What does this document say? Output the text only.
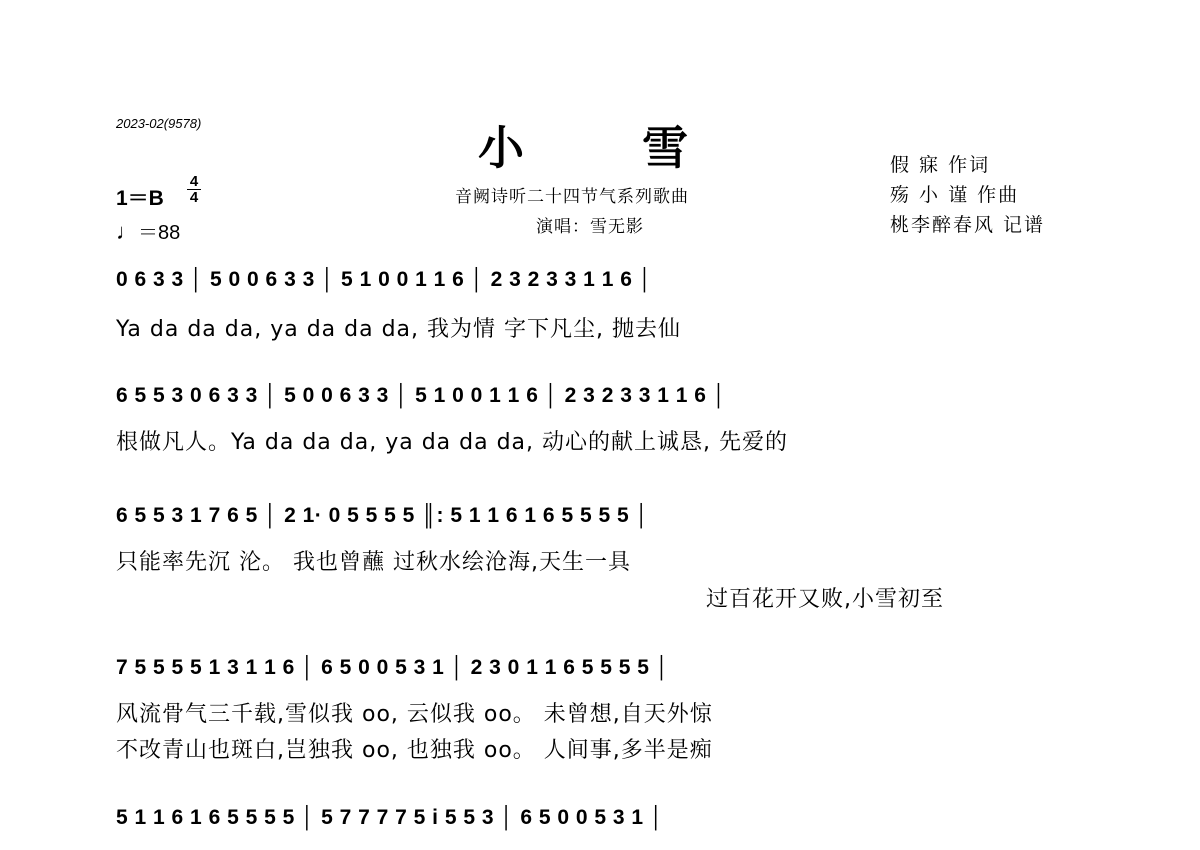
2023-02(9578)	小雪
音阙诗听二十四节气系列歌曲
演唱：雪无影
假 寐 作词
殇 小 谨 作曲
桃李醉春风 记谱
1＝B
4
4
♩＝88
0 6 3 3 │ 5 0 0 6 3 3 │ 5 1 0 0 1 1 6 │ 2 3 2 3 3 1 1 6 │
Ya da da da, ya da da da, 我为情 字下凡尘, 抛去仙
6 5 5 3 0 6 3 3 │ 5 0 0 6 3 3 │ 5 1 0 0 1 1 6 │ 2 3 2 3 3 1 1 6 │
根做凡人。Ya da da da, ya da da da, 动心的献上诚恳, 先爱的
6 5 5 3 1 7 6 5 │ 2 1· 0 5 5 5 5 ║: 5 1 1 6 1 6 5 5 5 5 │
只能率先沉 沦。 我也曾蘸 过秋水绘沧海,天生一具
过百花开又败,小雪初至
7 5 5 5 5 1 3 1 1 6 │ 6 5 0 0 5 3 1 │ 2 3 0 1 1 6 5 5 5 5 │
风流骨气三千载,雪似我 oo, 云似我 oo。 未曾想,自天外惊
不改青山也斑白,岂独我 oo, 也独我 oo。 人间事,多半是痴
5 1 1 6 1 6 5 5 5 5 │ 5 7 7 7 7 5 i 5 5 3 │ 6 5 0 0 5 3 1 │
